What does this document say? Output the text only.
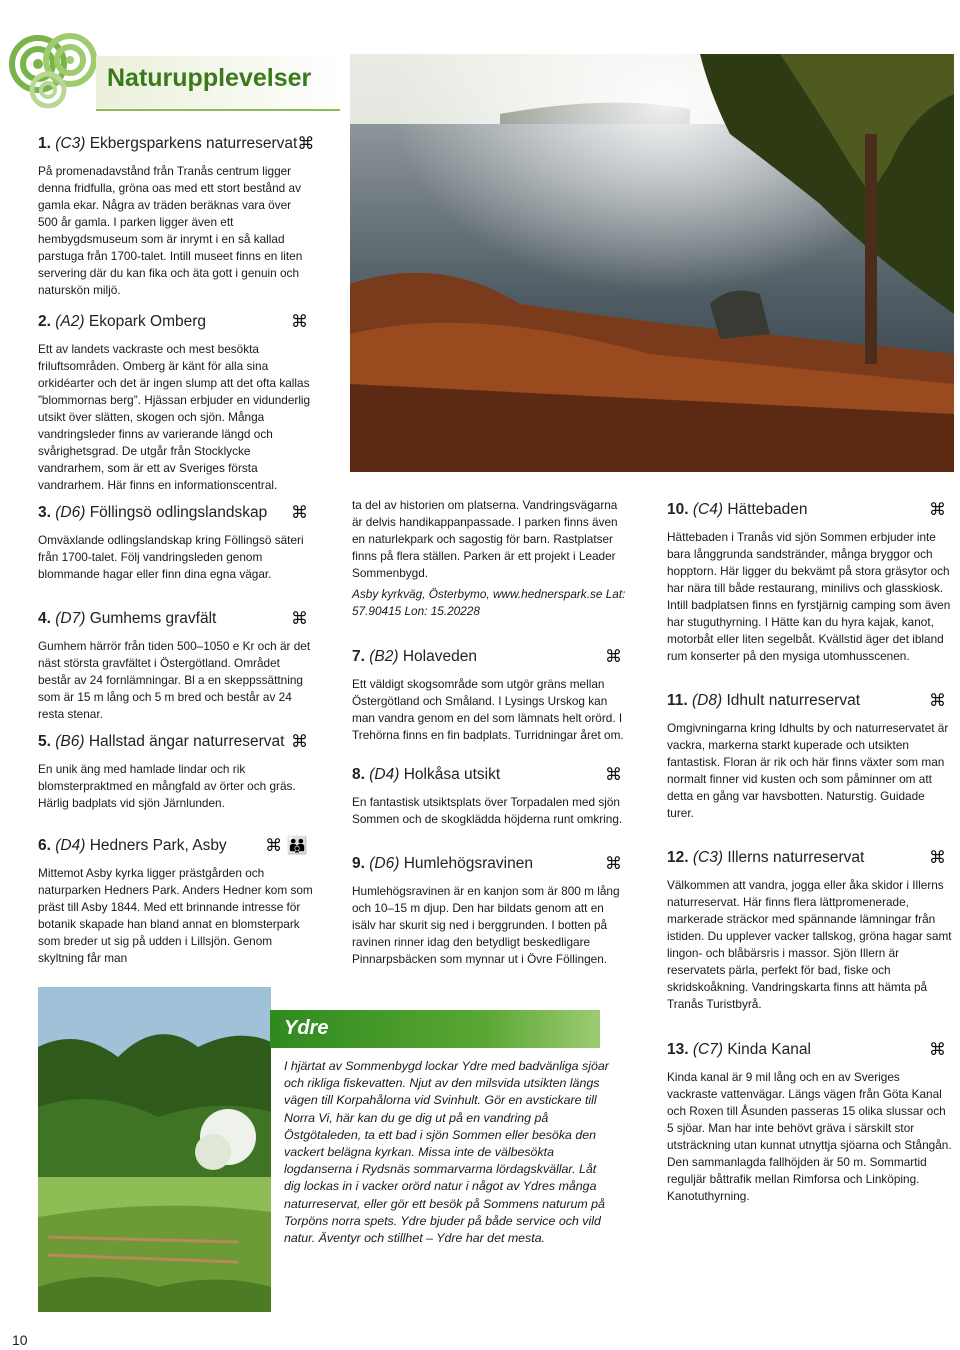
Naturupplevelser
1. (C3) Ekbergsparkens naturreservat ⌘

På promenadavstånd från Tranås centrum ligger denna fridfulla, gröna oas med ett stort bestånd av gamla ekar. Några av träden beräknas vara över 500 år gamla. I parken ligger även ett hembygdsmuseum som är inrymt i en så kallad parstuga från 1700-talet. Intill museet finns en liten servering där du kan fika och äta gott i genuin och naturskön miljö.

2. (A2) Ekopark Omberg	⌘

Ett av landets vackraste och mest besökta friluftsområden. Omberg är känt för alla sina orkidéarter och det är ingen slump att det ofta kallas ”blommornas berg”. Hjässan erbjuder en vidunderlig utsikt över slätten, skogen och sjön. Många vandringsleder finns av varierande längd och svårighetsgrad. De utgår från Stocklycke vandrarhem, som är ett av Sveriges första vandrarhem. Här finns en informationscentral.

3. (D6) Föllingsö odlingslandskap ⌘

Omväxlande odlingslandskap kring Föllingsö säteri från 1700-talet. Följ vandringsleden genom blommande hagar eller finn dina egna vägar.

4. (D7) Gumhems gravfält	⌘

Gumhem härrör från tiden 500–1050 e Kr och är det näst största gravfältet i Östergötland. Området består av 24 fornlämningar. Bl a en skeppssättning som är 15 m lång och 5 m bred och består av 24 resta stenar.

5. (B6) Hallstad ängar naturreservat ⌘

En unik äng med hamlade lindar och rik blomsterpraktmed en mångfald av örter och gräs. Härlig badplats vid sjön Järnlunden.

6. (D4) Hedners Park, Asby ⌘ 👪

Mittemot Asby kyrka ligger prästgården och naturparken Hedners Park. Anders Hedner kom som präst till Asby 1844. Med ett brinnande intresse för botanik skapade han bland annat en blomsterpark som breder ut sig på udden i Lillsjön. Genom skyltning får man

ta del av historien om platserna. Vandringsvägarna är delvis handikappanpassade. I parken finns även en naturlekpark och sagostig för barn. Rastplatser finns på flera ställen. Parken är ett projekt i Leader Sommenbygd.

Asby kyrkväg, Österbymo, www.hednerspark.se Lat: 57.90415 Lon: 15.20228

7. (B2) Holaveden	⌘

Ett väldigt skogsområde som utgör gräns mellan Östergötland och Småland. I Lysings Urskog kan man vandra genom en del som lämnats helt orörd. I Trehörna finns en fin badplats. Turridningar året om.

8. (D4) Holkåsa utsikt	⌘

En fantastisk utsiktsplats över Torpadalen med sjön Sommen och de skogklädda höjderna runt omkring.

9. (D6) Humlehögsravinen	⌘

Humlehögsravinen är en kanjon som är 800 m lång och 10–15 m djup. Den har bildats genom att en isälv har skurit sig ned i berggrunden. I botten på ravinen rinner idag den betydligt beskedligare Pinnarpsbäcken som mynnar ut i Övre Föllingen.

10. (C4) Hättebaden	⌘

Hättebaden i Tranås vid sjön Sommen erbjuder inte bara långgrunda sandstränder, många bryggor och hopptorn. Här ligger du bekvämt på stora gräsytor och har nära till både restaurang, minilivs och glasskiosk. Intill badplatsen finns en fyrstjärnig camping som även har stuguthyrning. I Hätte kan du hyra kajak, kanot, motorbåt eller liten segelbåt. Kvällstid äger det ibland rum konserter på den mysiga utomhusscenen.

11. (D8) Idhult naturreservat	⌘

Omgivningarna kring Idhults by och naturreservatet är vackra, markerna starkt kuperade och utsikten fantastisk. Floran är rik och här finns växter som man normalt finner vid kusten och som påminner om att detta en gång var havsbotten. Naturstig. Guidade turer.

12. (C3) Illerns naturreservat	⌘

Välkommen att vandra, jogga eller åka skidor i Illerns naturreservat. Här finns flera lättpromenerade, markerade sträckor med spännande lämningar från istiden. Du upplever vacker tallskog, gröna hagar samt lingon- och blåbärsris i massor. Sjön Illern är reservatets pärla, perfekt för bad, fiske och skridskoåkning. Vandringskarta finns att hämta på Tranås Turistbyrå.

13. (C7) Kinda Kanal	⌘

Kinda kanal är 9 mil lång och en av Sveriges vackraste vattenvägar. Längs vägen från Göta Kanal och Roxen till Åsunden passeras 15 olika slussar och 5 sjöar. Man har inte behövt gräva i särskilt stor utsträckning utan kunnat utnyttja sjöarna och Stångån. Den sammanlagda fallhöjden är 50 m. Sommartid reguljär båttrafik mellan Rimforsa och Linköping. Kanotuthyrning.

Ydre

I hjärtat av Sommenbygd lockar Ydre med badvänliga sjöar och rikliga fiskevatten. Njut av den milsvida utsikten längs vägen till Korpahålorna vid Svinhult. Gör en avstickare till Norra Vi, här kan du ge dig ut på en vandring på Östgötaleden, ta ett bad i sjön Sommen eller besöka den vackert belägna kyrkan. Missa inte de välbesökta logdanserna i Rydsnäs sommarvarma lördagskvällar. Låt dig lockas in i vacker orörd natur i något av Ydres många naturreservat, eller gör ett besök på Sommens naturum på Torpöns norra spets. Ydre bjuder på både service och vild natur. Äventyr och stillhet – Ydre har det mesta.

10
